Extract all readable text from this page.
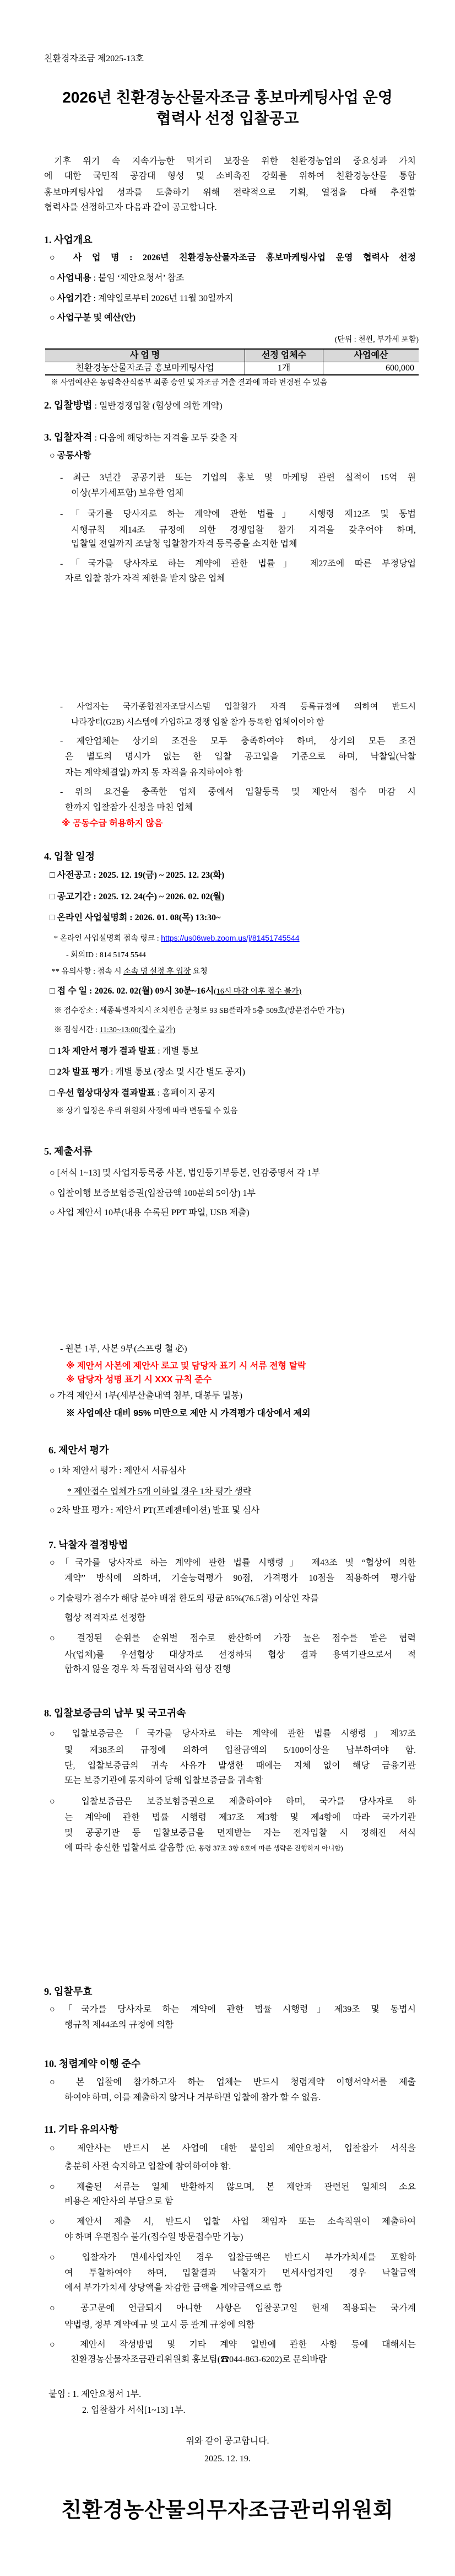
친환경자조금 제2025-13호
2026년 친환경농산물자조금 홍보마케팅사업 운영
협력사 선정 입찰공고
기후 위기 속 지속가능한 먹거리 보장을 위한 친환경농업의 중요성과 가치
에 대한 국민적 공감대 형성 및 소비촉진 강화를 위하여 친환경농산물 통합
홍보마케팅사업 성과를 도출하기 위해 전략적으로 기획, 열정을 다해 추진할
협력사를 선정하고자 다음과 같이 공고합니다.
1. 사업개요
○ 사 업 명 : 2026년 친환경농산물자조금 홍보마케팅사업 운영 협력사 선정
○ 사업내용 : 붙임 ‘제안요청서’ 참조
○ 사업기간 : 계약일로부터 2026년 11월 30일까지
○ 사업구분 및 예산(안)
(단위 : 천원, 부가세 포함)
사 업 명	선정 업체수	사업예산
친환경농산물자조금 홍보마케팅사업	1개	600,000
※ 사업예산은 농림축산식품부 최종 승인 및 자조금 거출 결과에 따라 변경될 수 있음
2. 입찰방법 : 일반경쟁입찰 (협상에 의한 계약)
3. 입찰자격 : 다음에 해당하는 자격을 모두 갖춘 자
○ 공통사항
- 최근 3년간 공공기관 또는 기업의 홍보 및 마케팅 관련 실적이 15억 원
이상(부가세포함) 보유한 업체
-「국가를 당사자로 하는 계약에 관한 법률」 시행령 제12조 및 동법
시행규칙 제14조 규정에 의한 경쟁입찰 참가 자격을 갖추어야 하며,
입찰일 전일까지 조달청 입찰참가자격 등록증을 소지한 업체
-「국가를 당사자로 하는 계약에 관한 법률」 제27조에 따른 부정당업
자로 입찰 참가 자격 제한을 받지 않은 업체
- 사업자는 국가종합전자조달시스템 입찰참가 자격 등록규정에 의하여 반드시
나라장터(G2B) 시스템에 가입하고 경쟁 입찰 참가 등록한 업체이어야 함
- 제안업체는 상기의 조건을 모두 충족하여야 하며, 상기의 모든 조건
은 별도의 명시가 없는 한 입찰 공고일을 기준으로 하며, 낙찰일(낙찰
자는 계약체결일) 까지 동 자격을 유지하여야 함
- 위의 요건을 충족한 업체 중에서 입찰등록 및 제안서 접수 마감 시
한까지 입찰참가 신청을 마친 업체
※ 공동수급 허용하지 않음
4. 입찰 일정
□ 사전공고 : 2025. 12. 19(금) ~ 2025. 12. 23(화)
□ 공고기간 : 2025. 12. 24(수) ~ 2026. 02. 02(월)
□ 온라인 사업설명회 : 2026. 01. 08(목) 13:30~
* 온라인 사업설명회 접속 링크 : https://us06web.zoom.us/j/81451745544
- 회의ID : 814 5174 5544
** 유의사항 : 접속 시 소속 명 설정 후 입장 요청
□ 접 수 일 : 2026. 02. 02(월) 09시 30분~16시(16시 마감 이후 접수 불가)
※ 접수장소 : 세종특별자치시 조치원읍 군청로 93 SB플라자 5층 509호(방문접수만 가능)
※ 점심시간 : 11:30~13:00(접수 불가)
□ 1차 제안서 평가 결과 발표 : 개별 통보
□ 2차 발표 평가 : 개별 통보 (장소 및 시간 별도 공지)
□ 우선 협상대상자 결과발표 : 홈페이지 공지
※ 상기 일정은 우리 위원회 사정에 따라 변동될 수 있음
5. 제출서류
○ [서식 1~13] 및 사업자등록증 사본, 법인등기부등본, 인감증명서 각 1부
○ 입찰이행 보증보험증권(입찰금액 100분의 5이상) 1부
○ 사업 제안서 10부(내용 수록된 PPT 파일, USB 제출)
- 원본 1부, 사본 9부(스프링 철 必)
※ 제안서 사본에 제안사 로고 및 담당자 표기 시 서류 전형 탈락
※ 담당자 성명 표기 시 XXX 규칙 준수
○ 가격 제안서 1부(세부산출내역 첨부, 대봉투 밀봉)
※ 사업예산 대비 95% 미만으로 제안 시 가격평가 대상에서 제외
6. 제안서 평가
○ 1차 제안서 평가 : 제안서 서류심사
* 제안접수 업체가 5개 이하일 경우 1차 평가 생략
○ 2차 발표 평가 : 제안서 PT(프레젠테이션) 발표 및 심사
7. 낙찰자 결정방법
○「국가를 당사자로 하는 계약에 관한 법률 시행령」 제43조 및 “협상에 의한
계약” 방식에 의하며, 기술능력평가 90점, 가격평가 10점을 적용하여 평가함
○ 기술평가 점수가 해당 분야 배점 한도의 평균 85%(76.5점) 이상인 자를
협상 적격자로 선정함
○ 결정된 순위를 순위별 점수로 환산하여 가장 높은 점수를 받은 협력
사(업체)를 우선협상 대상자로 선정하되 협상 결과 용역기관으로서 적
합하지 않을 경우 차 득점협력사와 협상 진행
8. 입찰보증금의 납부 및 국고귀속
○ 입찰보증금은「국가를 당사자로 하는 계약에 관한 법률 시행령」제37조
및 제38조의 규정에 의하여 입찰금액의 5/100이상을 납부하여야 함.
단, 입찰보증금의 귀속 사유가 발생한 때에는 지체 없이 해당 금융기관
또는 보증기관에 통지하여 당해 입찰보증금을 귀속함
○ 입찰보증금은 보증보험증권으로 제출하여야 하며, 국가를 당사자로 하
는 계약에 관한 법률 시행령 제37조 제3항 및 제4항에 따라 국가기관
및 공공기관 등 입찰보증금을 면제받는 자는 전자입찰 시 정해진 서식
에 따라 송신한 입찰서로 갈음함 (단, 동령 37조 3항 6호에 따른 생략은 진행하지 아니함)
9. 입찰무효
○「국가를 당사자로 하는 계약에 관한 법률 시행령」제39조 및 동법시
행규칙 제44조의 규정에 의함
10. 청렴계약 이행 준수
○ 본 입찰에 참가하고자 하는 업체는 반드시 청렴계약 이행서약서를 제출
하여야 하며, 이를 제출하지 않거나 거부하면 입찰에 참가 할 수 없음.
11. 기타 유의사항
○ 제안사는 반드시 본 사업에 대한 붙임의 제안요청서, 입찰참가 서식을
충분히 사전 숙지하고 입찰에 참여하여야 함.
○ 제출된 서류는 일체 반환하지 않으며, 본 제안과 관련된 일체의 소요
비용은 제안사의 부담으로 함
○ 제안서 제출 시, 반드시 입찰 사업 책임자 또는 소속직원이 제출하여
야 하며 우편접수 불가(접수일 방문접수만 가능)
○ 입찰자가 면세사업자인 경우 입찰금액은 반드시 부가가치세를 포함하
여 투찰하여야 하며, 입찰결과 낙찰자가 면세사업자인 경우 낙찰금액
에서 부가가치세 상당액을 차감한 금액을 계약금액으로 함
○ 공고문에 언급되지 아니한 사항은 입찰공고일 현재 적용되는 국가계
약법령, 정부 계약예규 및 고시 등 관계 규정에 의함
○ 제안서 작성방법 및 기타 계약 일반에 관한 사항 등에 대해서는
친환경농산물자조금관리위원회 홍보팀(☎044-863-6202)로 문의바람
붙임 : 1. 제안요청서 1부.
2. 입찰참가 서식[1~13] 1부.
위와 같이 공고합니다.
2025. 12. 19.
친환경농산물의무자조금관리위원회
